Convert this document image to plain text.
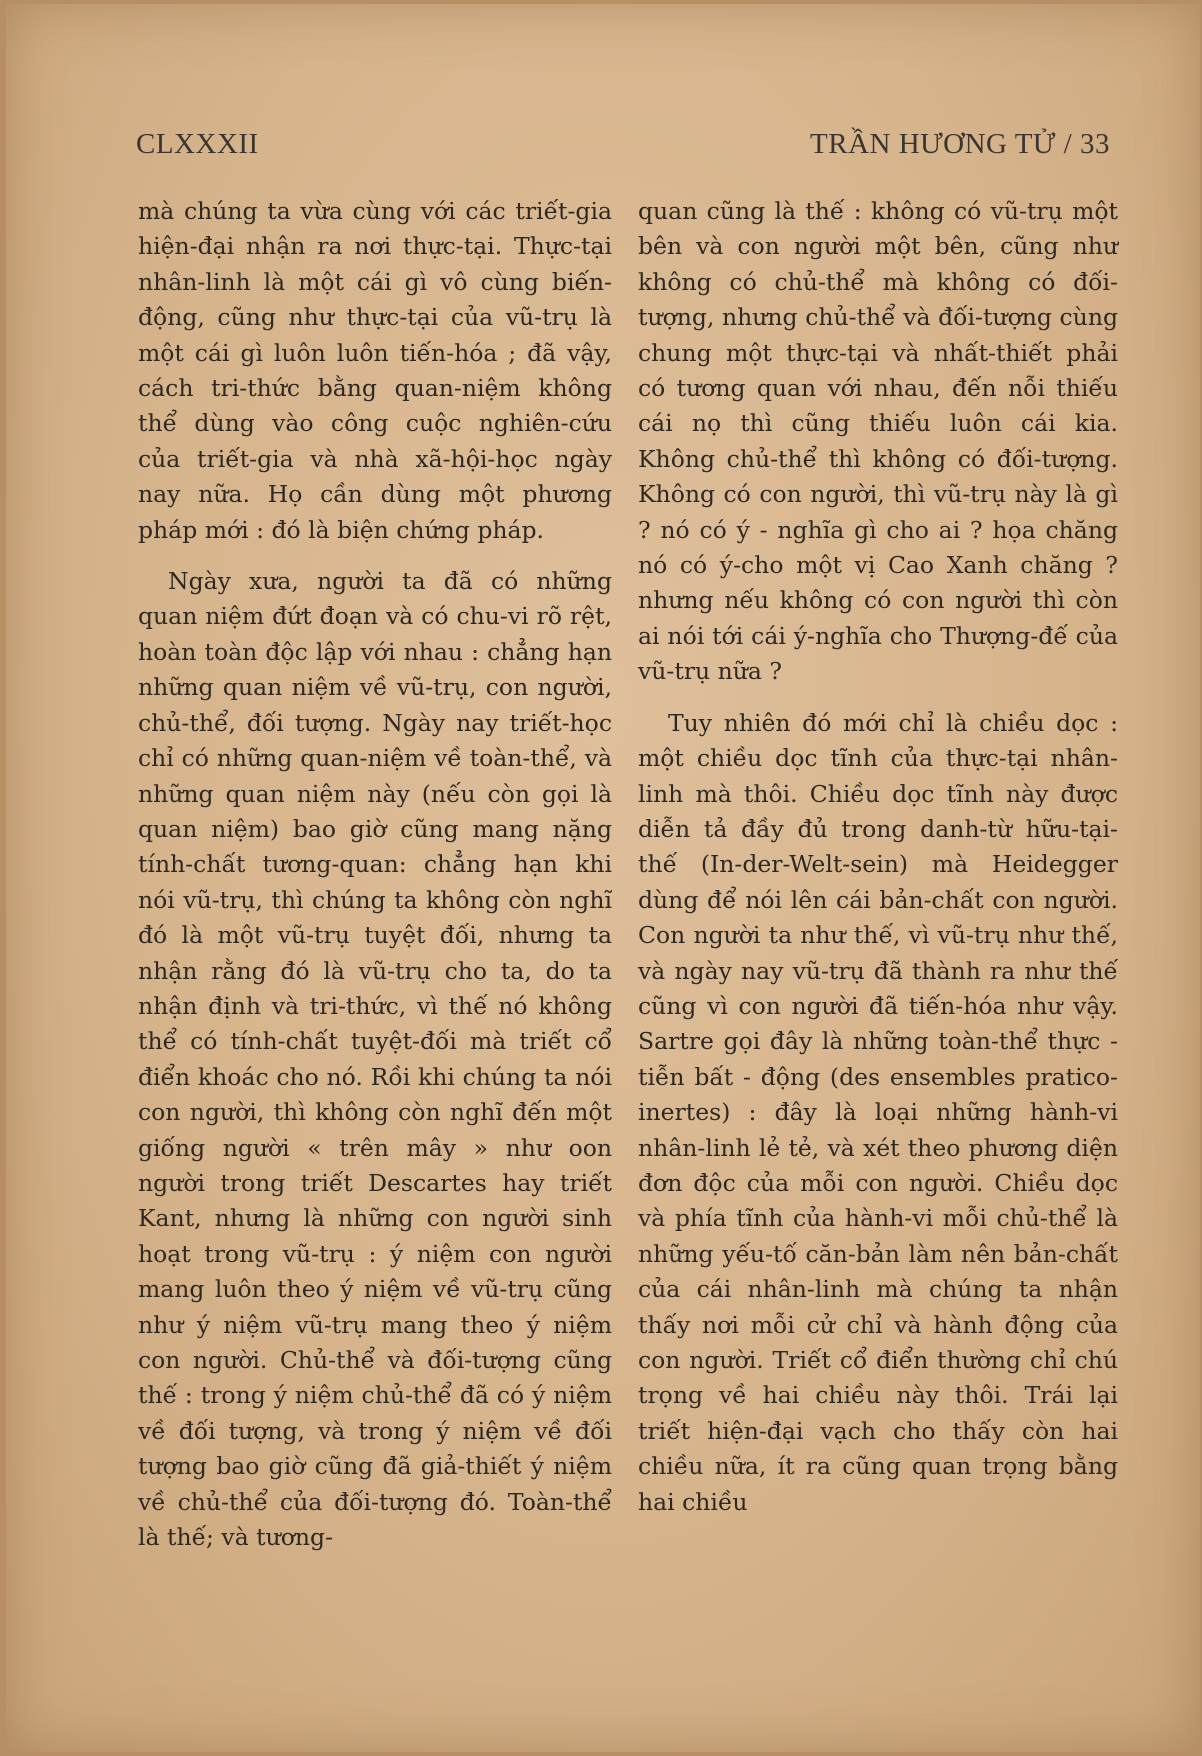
CLXXXII	TRẦN HƯƠNG TỬ / 33

mà chúng ta vừa cùng với các triết-gia hiện-đại nhận ra nơi thực-tại. Thực-tại nhân-linh là một cái gì vô cùng biến-động, cũng như thực-tại của vũ-trụ là một cái gì luôn luôn tiến-hóa ; đã vậy, cách tri-thức bằng quan-niệm không thể dùng vào công cuộc nghiên-cứu của triết-gia và nhà xã-hội-học ngày nay nữa. Họ cần dùng một phương pháp mới : đó là biện chứng pháp.

Ngày xưa, người ta đã có những quan niệm đứt đoạn và có chu-vi rõ rệt, hoàn toàn độc lập với nhau : chẳng hạn những quan niệm về vũ-trụ, con người, chủ-thể, đối tượng. Ngày nay triết-học chỉ có những quan-niệm về toàn-thể, và những quan niệm này (nếu còn gọi là quan niệm) bao giờ cũng mang nặng tính-chất tương-quan: chẳng hạn khi nói vũ-trụ, thì chúng ta không còn nghĩ đó là một vũ-trụ tuyệt đối, nhưng ta nhận rằng đó là vũ-trụ cho ta, do ta nhận định và tri-thức, vì thế nó không thể có tính-chất tuyệt-đối mà triết cổ điển khoác cho nó. Rồi khi chúng ta nói con người, thì không còn nghĩ đến một giống người « trên mây » như oon người trong triết Descartes hay triết Kant, nhưng là những con người sinh hoạt trong vũ-trụ : ý niệm con người mang luôn theo ý niệm về vũ-trụ cũng như ý niệm vũ-trụ mang theo ý niệm con người. Chủ-thể và đối-tượng cũng thế : trong ý niệm chủ-thể đã có ý niệm về đối tượng, và trong ý niệm về đối tượng bao giờ cũng đã giả-thiết ý niệm về chủ-thể của đối-tượng đó. Toàn-thể là thế; và tương-

quan cũng là thế : không có vũ-trụ một bên và con người một bên, cũng như không có chủ-thể mà không có đối-tượng, nhưng chủ-thể và đối-tượng cùng chung một thực-tại và nhất-thiết phải có tương quan với nhau, đến nỗi thiếu cái nọ thì cũng thiếu luôn cái kia. Không chủ-thể thì không có đối-tượng. Không có con người, thì vũ-trụ này là gì ? nó có ý - nghĩa gì cho ai ? họa chăng nó có ý-cho một vị Cao Xanh chăng ? nhưng nếu không có con người thì còn ai nói tới cái ý-nghĩa cho Thượng-đế của vũ-trụ nữa ?

Tuy nhiên đó mới chỉ là chiều dọc : một chiều dọc tĩnh của thực-tại nhân-linh mà thôi. Chiều dọc tĩnh này được diễn tả đầy đủ trong danh-từ hữu-tại-thế (In-der-Welt-sein) mà Heidegger dùng để nói lên cái bản-chất con người. Con người ta như thế, vì vũ-trụ như thế, và ngày nay vũ-trụ đã thành ra như thế cũng vì con người đã tiến-hóa như vậy. Sartre gọi đây là những toàn-thể thực - tiễn bất - động (des ensembles pratico-inertes) : đây là loại những hành-vi nhân-linh lẻ tẻ, và xét theo phương diện đơn độc của mỗi con người. Chiều dọc và phía tĩnh của hành-vi mỗi chủ-thể là những yếu-tố căn-bản làm nên bản-chất của cái nhân-linh mà chúng ta nhận thấy nơi mỗi cử chỉ và hành động của con người. Triết cổ điển thường chỉ chú trọng về hai chiều này thôi. Trái lại triết hiện-đại vạch cho thấy còn hai chiều nữa, ít ra cũng quan trọng bằng hai chiều
